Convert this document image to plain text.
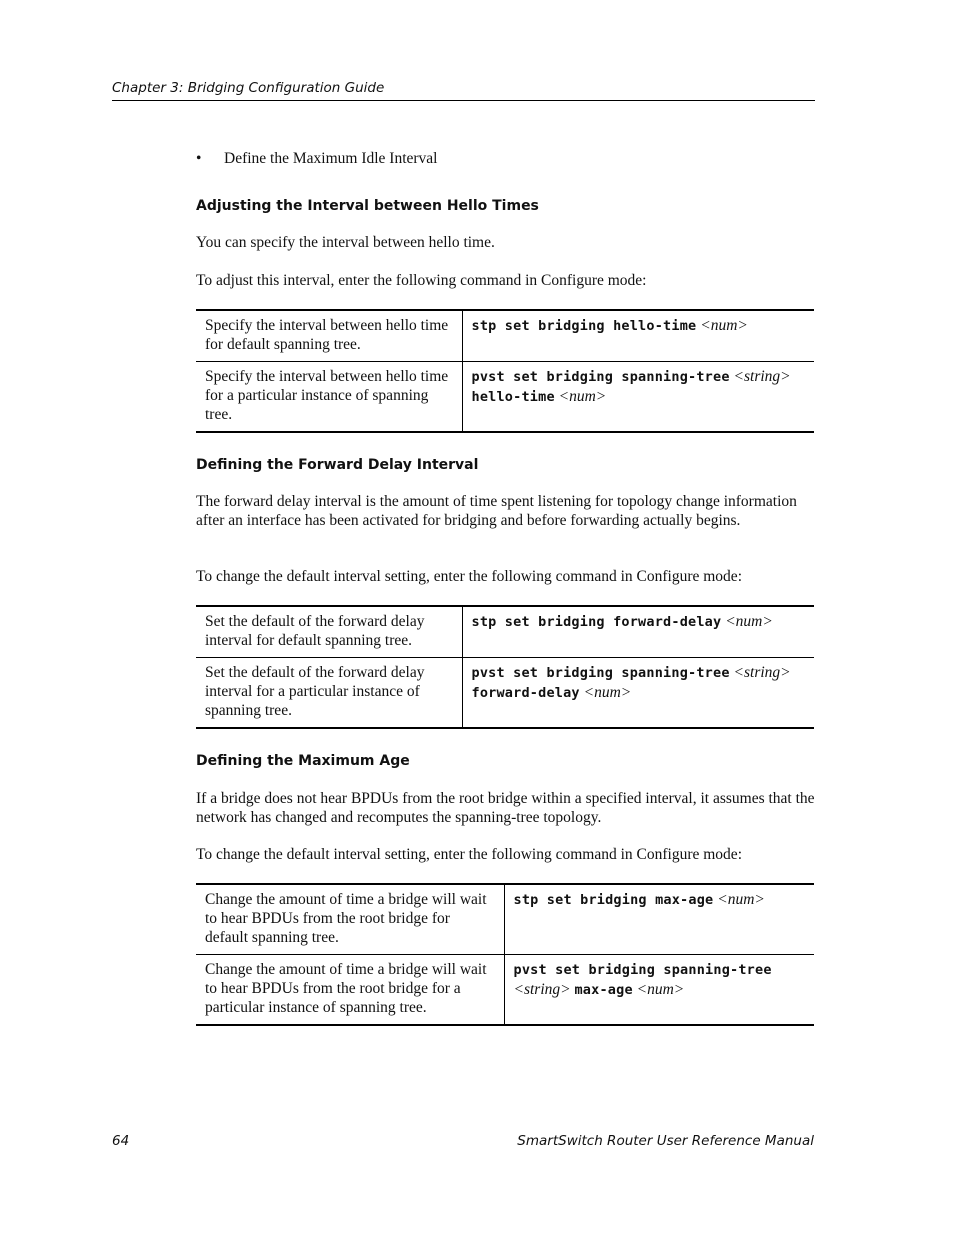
Chapter 3: Bridging Configuration Guide
• Define the Maximum Idle Interval
Adjusting the Interval between Hello Times
You can specify the interval between hello time.
To adjust this interval, enter the following command in Configure mode:
Specify the interval between hello time for default spanning tree.	stp set bridging hello-time <num>
Specify the interval between hello time for a particular instance of spanning tree.	pvst set bridging spanning-tree <string>
hello-time <num>
Defining the Forward Delay Interval
The forward delay interval is the amount of time spent listening for topology change information after an interface has been activated for bridging and before forwarding actually begins.
To change the default interval setting, enter the following command in Configure mode:
Set the default of the forward delay interval for default spanning tree.	stp set bridging forward-delay <num>
Set the default of the forward delay interval for a particular instance of spanning tree.	pvst set bridging spanning-tree <string>
forward-delay <num>
Defining the Maximum Age
If a bridge does not hear BPDUs from the root bridge within a specified interval, it assumes that the network has changed and recomputes the spanning-tree topology.
To change the default interval setting, enter the following command in Configure mode:
Change the amount of time a bridge will wait to hear BPDUs from the root bridge for default spanning tree.	stp set bridging max-age <num>
Change the amount of time a bridge will wait to hear BPDUs from the root bridge for a particular instance of spanning tree.	pvst set bridging spanning-tree
<string> max-age <num>
64	SmartSwitch Router User Reference Manual
